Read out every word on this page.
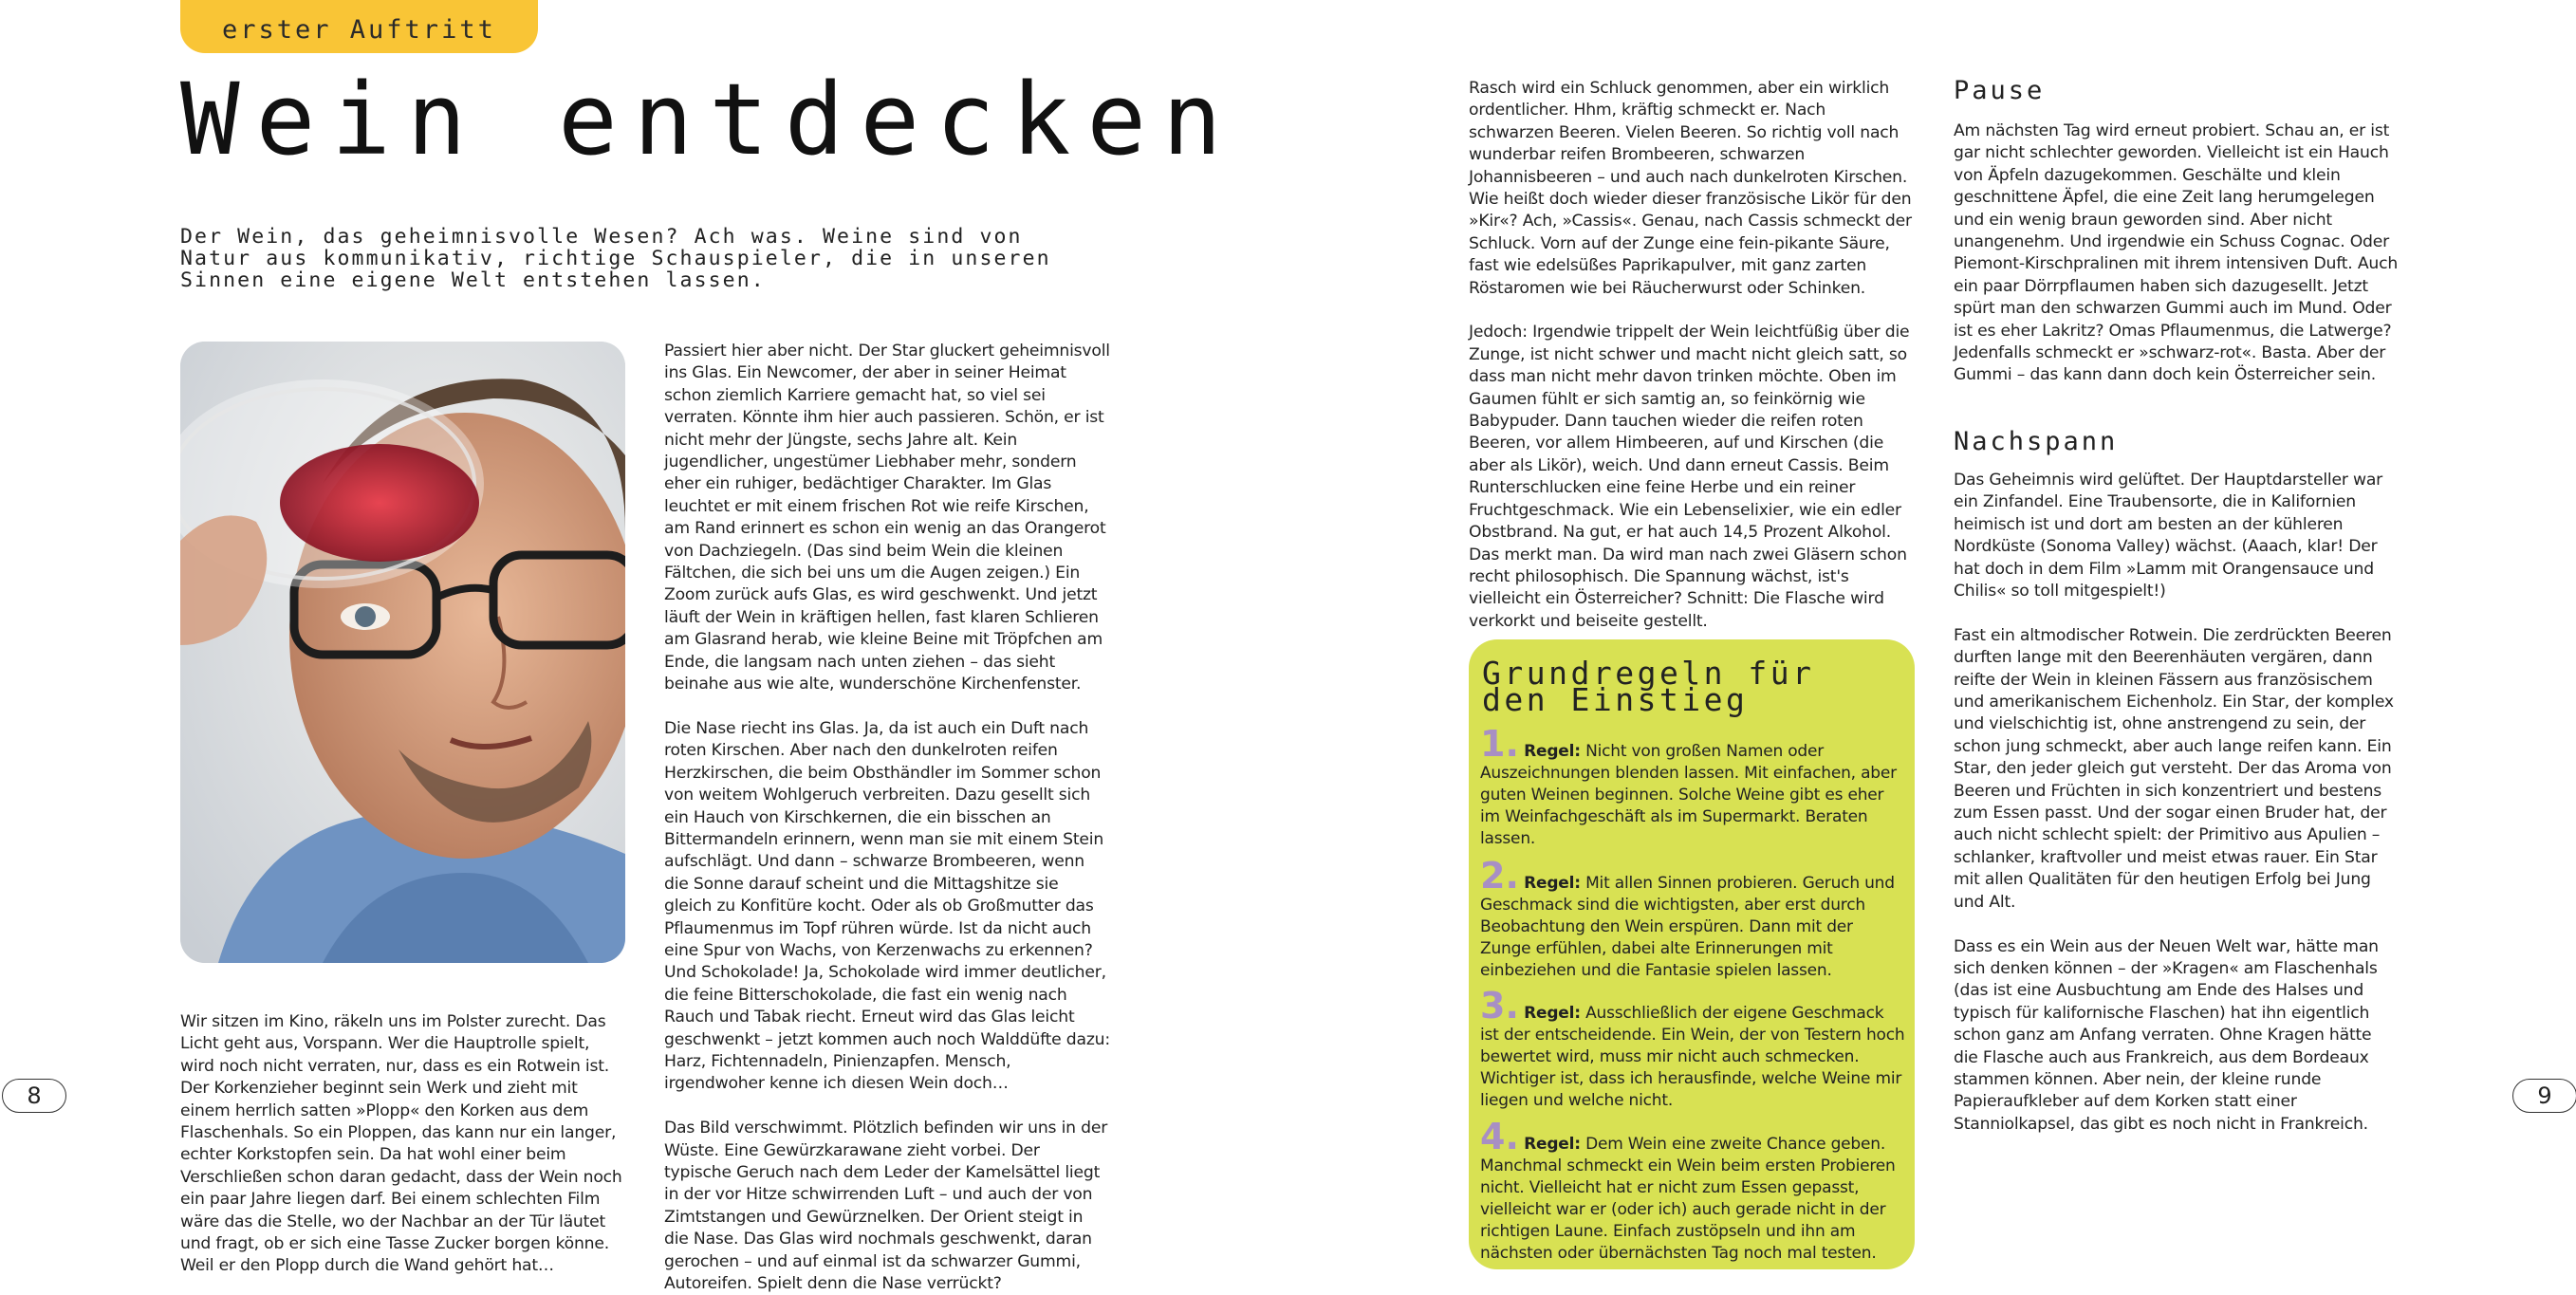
erster Auftritt
Wein entdecken
Der Wein, das geheimnisvolle Wesen? Ach was. Weine sind von Natur aus kommunikativ, richtige Schauspieler, die in unseren Sinnen eine eigene Welt entstehen lassen.

Wir sitzen im Kino, räkeln uns im Polster zurecht. Das Licht geht aus, Vorspann. Wer die Hauptrolle spielt, wird noch nicht verraten, nur, dass es ein Rotwein ist. Der Korkenzieher beginnt sein Werk und zieht mit einem herrlich satten »Plopp« den Korken aus dem Flaschenhals. So ein Ploppen, das kann nur ein langer, echter Korkstopfen sein. Da hat wohl einer beim Verschließen schon daran gedacht, dass der Wein noch ein paar Jahre liegen darf. Bei einem schlechten Film wäre das die Stelle, wo der Nachbar an der Tür läutet und fragt, ob er sich eine Tasse Zucker borgen könne. Weil er den Plopp durch die Wand gehört hat…

Passiert hier aber nicht. Der Star gluckert geheimnisvoll ins Glas. Ein Newcomer, der aber in seiner Heimat schon ziemlich Karriere gemacht hat, so viel sei verraten. Könnte ihm hier auch passieren. Schön, er ist nicht mehr der Jüngste, sechs Jahre alt. Kein jugendlicher, ungestümer Liebhaber mehr, sondern eher ein ruhiger, bedächtiger Charakter. Im Glas leuchtet er mit einem frischen Rot wie reife Kirschen, am Rand erinnert es schon ein wenig an das Orangerot von Dachziegeln. (Das sind beim Wein die kleinen Fältchen, die sich bei uns um die Augen zeigen.) Ein Zoom zurück aufs Glas, es wird geschwenkt. Und jetzt läuft der Wein in kräftigen hellen, fast klaren Schlieren am Glasrand herab, wie kleine Beine mit Tröpfchen am Ende, die langsam nach unten ziehen – das sieht beinahe aus wie alte, wunderschöne Kirchenfenster.

Die Nase riecht ins Glas. Ja, da ist auch ein Duft nach roten Kirschen. Aber nach den dunkelroten reifen Herzkirschen, die beim Obsthändler im Sommer schon von weitem Wohlgeruch verbreiten. Dazu gesellt sich ein Hauch von Kirschkernen, die ein bisschen an Bittermandeln erinnern, wenn man sie mit einem Stein aufschlägt. Und dann – schwarze Brombeeren, wenn die Sonne darauf scheint und die Mittagshitze sie gleich zu Konfitüre kocht. Oder als ob Großmutter das Pflaumenmus im Topf rühren würde. Ist da nicht auch eine Spur von Wachs, von Kerzenwachs zu erkennen? Und Schokolade! Ja, Schokolade wird immer deutlicher, die feine Bitterschokolade, die fast ein wenig nach Rauch und Tabak riecht. Erneut wird das Glas leicht geschwenkt – jetzt kommen auch noch Walddüfte dazu: Harz, Fichtennadeln, Pinienzapfen. Mensch, irgendwoher kenne ich diesen Wein doch…

Das Bild verschwimmt. Plötzlich befinden wir uns in der Wüste. Eine Gewürzkarawane zieht vorbei. Der typische Geruch nach dem Leder der Kamelsättel liegt in der vor Hitze schwirrenden Luft – und auch der von Zimtstangen und Gewürznelken. Der Orient steigt in die Nase. Das Glas wird nochmals geschwenkt, daran gerochen – und auf einmal ist da schwarzer Gummi, Autoreifen. Spielt denn die Nase verrückt?

8

Rasch wird ein Schluck genommen, aber ein wirklich ordentlicher. Hhm, kräftig schmeckt er. Nach schwarzen Beeren. Vielen Beeren. So richtig voll nach wunderbar reifen Brombeeren, schwarzen Johannisbeeren – und auch nach dunkelroten Kirschen. Wie heißt doch wieder dieser französische Likör für den »Kir«? Ach, »Cassis«. Genau, nach Cassis schmeckt der Schluck. Vorn auf der Zunge eine fein-pikante Säure, fast wie edelsüßes Paprikapulver, mit ganz zarten Röstaromen wie bei Räucherwurst oder Schinken.

Jedoch: Irgendwie trippelt der Wein leichtfüßig über die Zunge, ist nicht schwer und macht nicht gleich satt, so dass man nicht mehr davon trinken möchte. Oben im Gaumen fühlt er sich samtig an, so feinkörnig wie Babypuder. Dann tauchen wieder die reifen roten Beeren, vor allem Himbeeren, auf und Kirschen (die aber als Likör), weich. Und dann erneut Cassis. Beim Runterschlucken eine feine Herbe und ein reiner Fruchtgeschmack. Wie ein Lebenselixier, wie ein edler Obstbrand. Na gut, er hat auch 14,5 Prozent Alkohol. Das merkt man. Da wird man nach zwei Gläsern schon recht philosophisch. Die Spannung wächst, ist's vielleicht ein Österreicher? Schnitt: Die Flasche wird verkorkt und beiseite gestellt.

Grundregeln für den Einstieg
1. Regel: Nicht von großen Namen oder Auszeichnungen blenden lassen. Mit einfachen, aber guten Weinen beginnen. Solche Weine gibt es eher im Weinfachgeschäft als im Supermarkt. Beraten lassen.
2. Regel: Mit allen Sinnen probieren. Geruch und Geschmack sind die wichtigsten, aber erst durch Beobachtung den Wein erspüren. Dann mit der Zunge erfühlen, dabei alte Erinnerungen mit einbeziehen und die Fantasie spielen lassen.
3. Regel: Ausschließlich der eigene Geschmack ist der entscheidende. Ein Wein, der von Testern hoch bewertet wird, muss mir nicht auch schmecken. Wichtiger ist, dass ich herausfinde, welche Weine mir liegen und welche nicht.
4. Regel: Dem Wein eine zweite Chance geben. Manchmal schmeckt ein Wein beim ersten Probieren nicht. Vielleicht hat er nicht zum Essen gepasst, vielleicht war er (oder ich) auch gerade nicht in der richtigen Laune. Einfach zustöpseln und ihn am nächsten oder übernächsten Tag noch mal testen.
Pause

Am nächsten Tag wird erneut probiert. Schau an, er ist gar nicht schlechter geworden. Vielleicht ist ein Hauch von Äpfeln dazugekommen. Geschälte und klein geschnittene Äpfel, die eine Zeit lang herumgelegen und ein wenig braun geworden sind. Aber nicht unangenehm. Und irgendwie ein Schuss Cognac. Oder Piemont-Kirschpralinen mit ihrem intensiven Duft. Auch ein paar Dörrpflaumen haben sich dazugesellt. Jetzt spürt man den schwarzen Gummi auch im Mund. Oder ist es eher Lakritz? Omas Pflaumenmus, die Latwerge? Jedenfalls schmeckt er »schwarz-rot«. Basta. Aber der Gummi – das kann dann doch kein Österreicher sein.

Nachspann

Das Geheimnis wird gelüftet. Der Hauptdarsteller war ein Zinfandel. Eine Traubensorte, die in Kalifornien heimisch ist und dort am besten an der kühleren Nordküste (Sonoma Valley) wächst. (Aaach, klar! Der hat doch in dem Film »Lamm mit Orangensauce und Chilis« so toll mitgespielt!)

Fast ein altmodischer Rotwein. Die zerdrückten Beeren durften lange mit den Beerenhäuten vergären, dann reifte der Wein in kleinen Fässern aus französischem und amerikanischem Eichenholz. Ein Star, der komplex und vielschichtig ist, ohne anstrengend zu sein, der schon jung schmeckt, aber auch lange reifen kann. Ein Star, den jeder gleich gut versteht. Der das Aroma von Beeren und Früchten in sich konzentriert und bestens zum Essen passt. Und der sogar einen Bruder hat, der auch nicht schlecht spielt: der Primitivo aus Apulien – schlanker, kraftvoller und meist etwas rauer. Ein Star mit allen Qualitäten für den heutigen Erfolg bei Jung und Alt.

Dass es ein Wein aus der Neuen Welt war, hätte man sich denken können – der »Kragen« am Flaschenhals (das ist eine Ausbuchtung am Ende des Halses und typisch für kalifornische Flaschen) hat ihn eigentlich schon ganz am Anfang verraten. Ohne Kragen hätte die Flasche auch aus Frankreich, aus dem Bordeaux stammen können. Aber nein, der kleine runde Papieraufkleber auf dem Korken statt einer Stanniolkapsel, das gibt es noch nicht in Frankreich.

9
